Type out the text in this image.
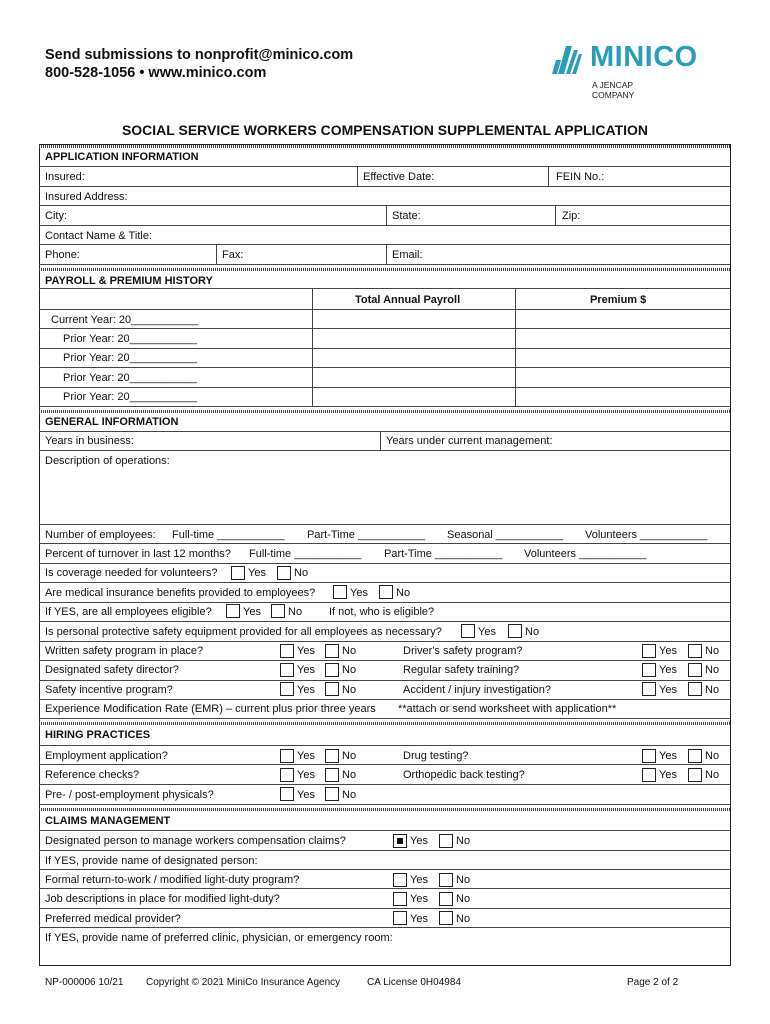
Send submissions to nonprofit@minico.com
800-528-1056 • www.minico.com	MINICO
A JENCAP COMPANY
SOCIAL SERVICE WORKERS COMPENSATION SUPPLEMENTAL APPLICATION
APPLICATION INFORMATION
Insured:	Effective Date:	FEIN No.:
Insured Address:
City:	State:	Zip:
Contact Name & Title:
Phone:	Fax:	Email:
PAYROLL & PREMIUM HISTORY
Total Annual Payroll	Premium $
Current Year: 20___________
Prior Year: 20___________
Prior Year: 20___________
Prior Year: 20___________
Prior Year: 20___________
GENERAL INFORMATION
Years in business:	Years under current management:
Description of operations:
Number of employees: Full-time ___________ Part-Time ___________ Seasonal ___________ Volunteers ___________
Percent of turnover in last 12 months? Full-time ___________ Part-Time ___________ Volunteers ___________
Is coverage needed for volunteers?	Yes	No
Are medical insurance benefits provided to employees?	Yes	No
If YES, are all employees eligible?	Yes No If not, who is eligible?
Is personal protective safety equipment provided for all employees as necessary?	Yes	No
Written safety program in place?	Yes No	Driver's safety program?	Yes	No
Designated safety director?	Yes No	Regular safety training?	Yes	No
Safety incentive program?	Yes No	Accident / injury investigation?	Yes	No
Experience Modification Rate (EMR) – current plus prior three years **attach or send worksheet with application**
HIRING PRACTICES
Employment application?	Yes No	Drug testing?	Yes	No
Reference checks?	Yes No	Orthopedic back testing?	Yes	No
Pre- / post-employment physicals?	Yes No
CLAIMS MANAGEMENT
Designated person to manage workers compensation claims?	Yes	No
If YES, provide name of designated person:
Formal return-to-work / modified light-duty program?	Yes	No
Job descriptions in place for modified light-duty?	Yes	No
Preferred medical provider?	Yes	No
If YES, provide name of preferred clinic, physician, or emergency room:
NP-000006 10/21 Copyright © 2021 MiniCo Insurance Agency	CA License 0H04984	Page 2 of 2
